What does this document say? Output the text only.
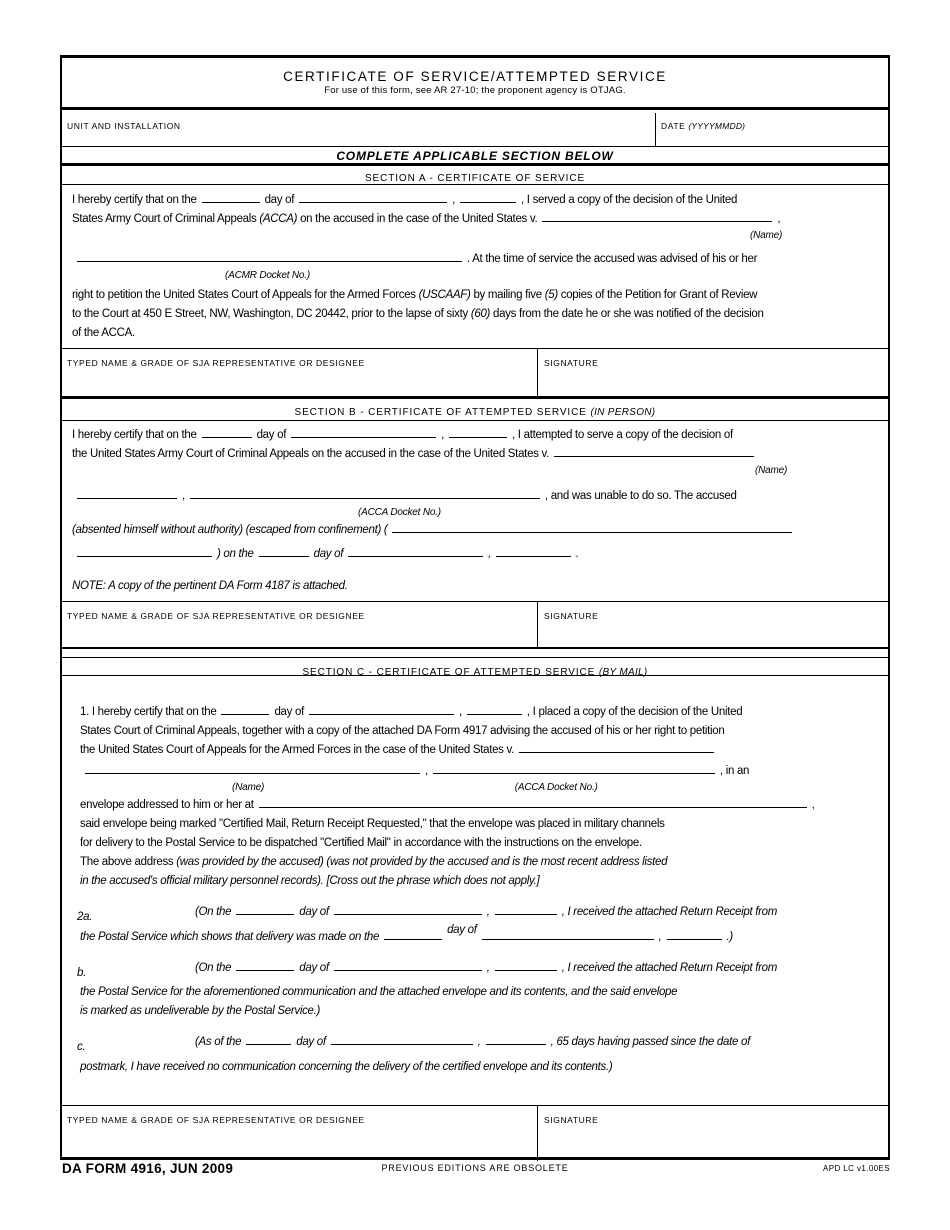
CERTIFICATE OF SERVICE/ATTEMPTED SERVICE
For use of this form, see AR 27-10; the proponent agency is OTJAG.
UNIT AND INSTALLATION	DATE (YYYYMMDD)
COMPLETE APPLICABLE SECTION BELOW
SECTION A - CERTIFICATE OF SERVICE
I hereby certify that on the	day of	,	, I served a copy of the decision of the United
States Army Court of Criminal Appeals (ACCA) on the accused in the case of the United States v.	,
(Name)
. At the time of service the accused was advised of his or her
(ACMR Docket No.)
right to petition the United States Court of Appeals for the Armed Forces (USCAAF) by mailing five (5) copies of the Petition for Grant of Review
to the Court at 450 E Street, NW, Washington, DC 20442, prior to the lapse of sixty (60) days from the date he or she was notified of the decision
of the ACCA.
TYPED NAME & GRADE OF SJA REPRESENTATIVE OR DESIGNEE	SIGNATURE
SECTION B - CERTIFICATE OF ATTEMPTED SERVICE (IN PERSON)
I hereby certify that on the	day of	,	, I attempted to serve a copy of the decision of
the United States Army Court of Criminal Appeals on the accused in the case of the United States v.
(Name)
,	, and was unable to do so. The accused
(ACCA Docket No.)
(absented himself without authority) (escaped from confinement) (
) on the	day of	,	.
NOTE: A copy of the pertinent DA Form 4187 is attached.
TYPED NAME & GRADE OF SJA REPRESENTATIVE OR DESIGNEE	SIGNATURE
SECTION C - CERTIFICATE OF ATTEMPTED SERVICE (BY MAIL)
1. I hereby certify that on the	day of	,	, I placed a copy of the decision of the United
States Court of Criminal Appeals, together with a copy of the attached DA Form 4917 advising the accused of his or her right to petition
the United States Court of Appeals for the Armed Forces in the case of the United States v.
,	, in an
(Name)	(ACCA Docket No.)
envelope addressed to him or her at	,
said envelope being marked "Certified Mail, Return Receipt Requested," that the envelope was placed in military channels
for delivery to the Postal Service to be dispatched "Certified Mail" in accordance with the instructions on the envelope.
The above address (was provided by the accused) (was not provided by the accused and is the most recent address listed
in the accused's official military personnel records). [Cross out the phrase which does not apply.]
2a.	(On the	day of	,	, I received the attached Return Receipt from
the Postal Service which shows that delivery was made on theday of,	.)
b.	(On the	day of	,	, I received the attached Return Receipt from
the Postal Service for the aforementioned communication and the attached envelope and its contents, and the said envelope
is marked as undeliverable by the Postal Service.)
c.	(As of the	day of	,	, 65 days having passed since the date of
postmark, I have received no communication concerning the delivery of the certified envelope and its contents.)
TYPED NAME & GRADE OF SJA REPRESENTATIVE OR DESIGNEE	SIGNATURE
DA FORM 4916, JUN 2009	PREVIOUS EDITIONS ARE OBSOLETE	APD LC v1.00ES
